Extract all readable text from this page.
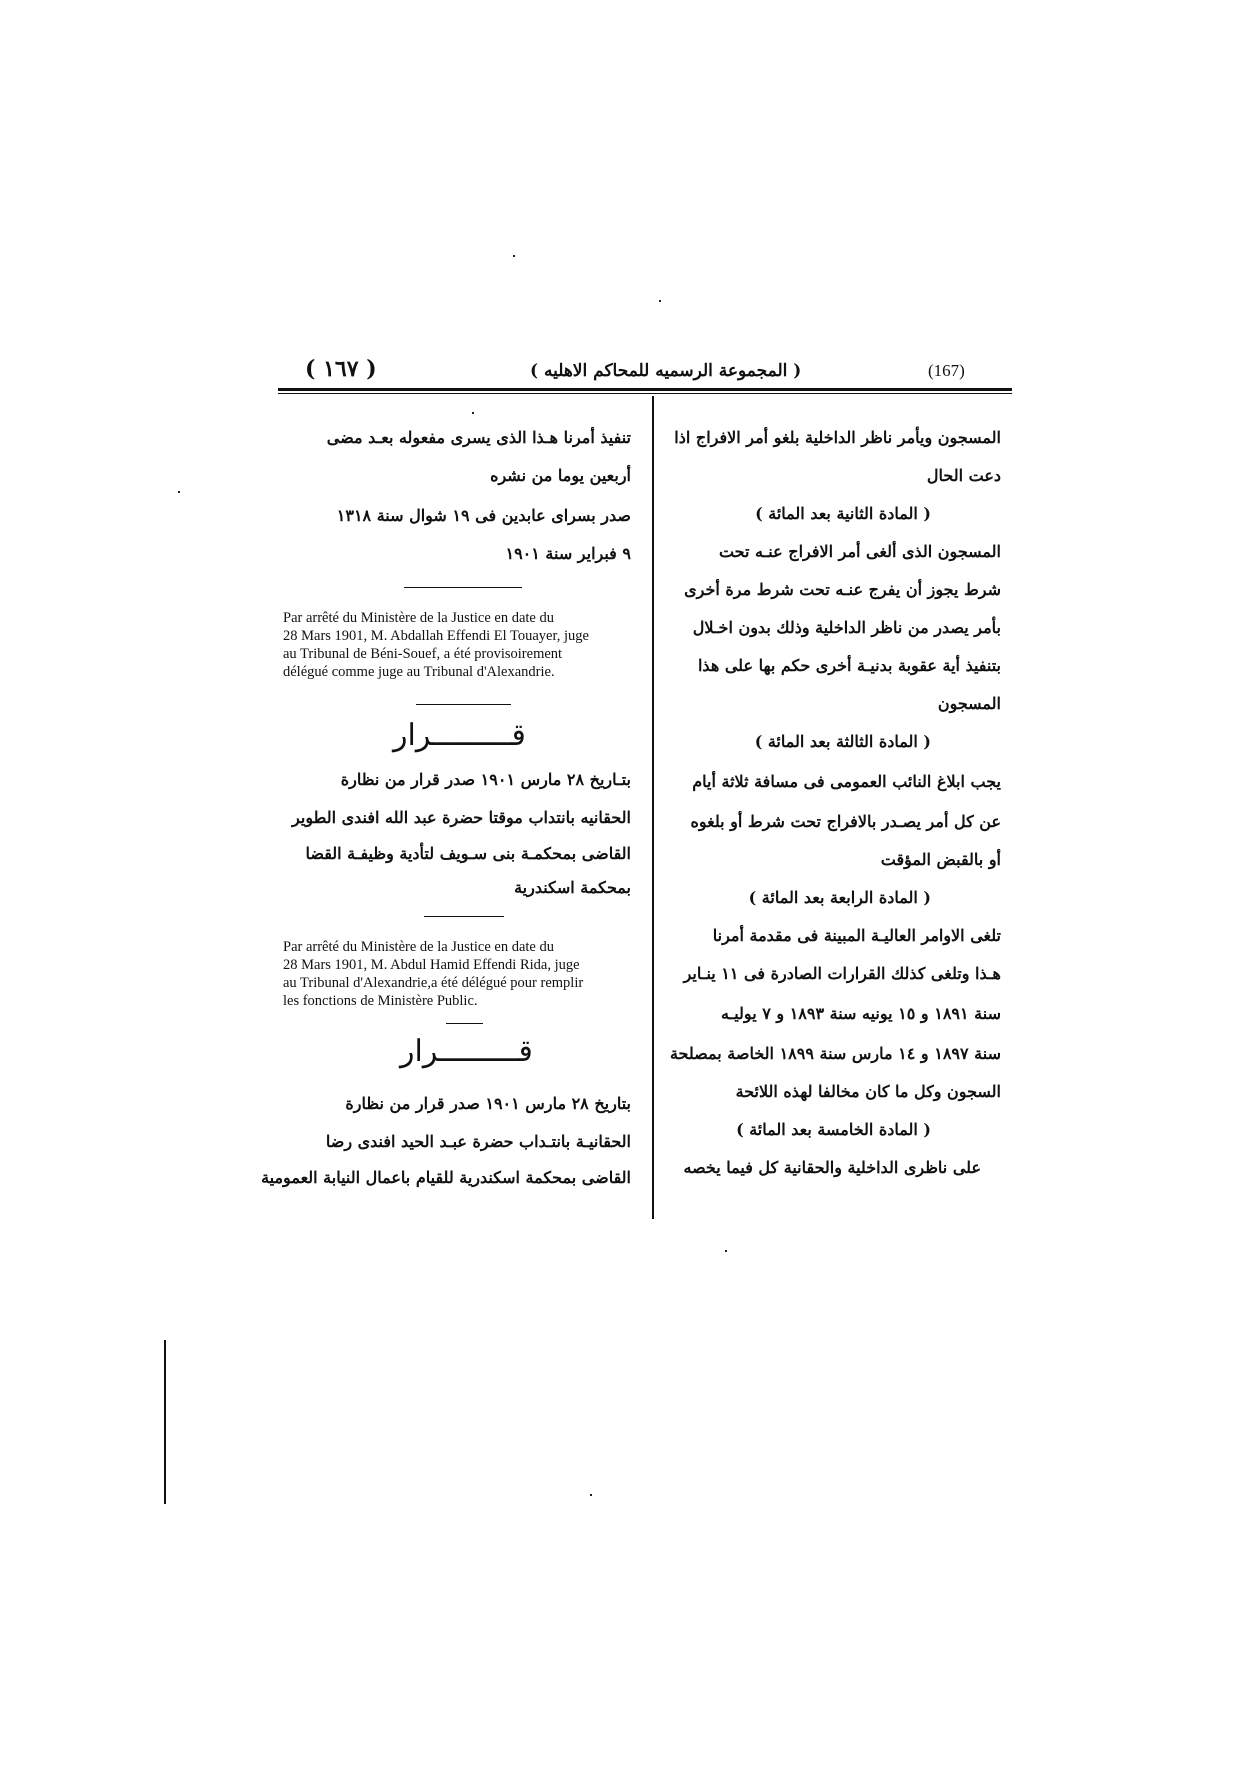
( ١٦٧ )	( المجموعة الرسميه للمحاكم الاهليه )	(167)
المسجون ويأمر ناظر الداخلية بلغو أمر الافراج اذا
دعت الحال
( المادة الثانية بعد المائة )
المسجون الذى ألغى أمر الافراج عنـه تحت
شرط يجوز أن يفرج عنـه تحت شرط مرة أخرى
بأمر يصدر من ناظر الداخلية وذلك بدون اخـلال
بتنفيذ أية عقوبة بدنيـة أخرى حكم بها على هذا
المسجون
( المادة الثالثة بعد المائة )
يجب ابلاغ النائب العمومى فى مسافة ثلاثة أيام
عن كل أمر يصـدر بالافراج تحت شرط أو بلغوه
أو بالقبض المؤقت
( المادة الرابعة بعد المائة )
تلغى الاوامر العاليـة المبينة فى مقدمة أمرنا
هـذا وتلغى كذلك القرارات الصادرة فى ١١ ينـاير
سنة ١٨٩١ و ١٥ يونيه سنة ١٨٩٣ و ٧ يوليـه
سنة ١٨٩٧ و ١٤ مارس سنة ١٨٩٩ الخاصة بمصلحة
السجون وكل ما كان مخالفا لهذه اللائحة
( المادة الخامسة بعد المائة )
على ناظرى الداخلية والحقانية كل فيما يخصه
تنفيذ أمرنا هـذا الذى يسرى مفعوله بعـد مضى
أربعين يوما من نشره
صدر بسراى عابدين فى ١٩ شوال سنة ١٣١٨
٩ فبراير سنة ١٩٠١
Par arrêté du Ministère de la Justice en date du
28 Mars 1901, M. Abdallah Effendi El Touayer, juge
au Tribunal de Béni-Souef, a été provisoirement
délégué comme juge au Tribunal d'Alexandrie.
قـــــــــرار
بتـاريخ ٢٨ مارس ١٩٠١ صدر قرار من نظارة
الحقانيه بانتداب موقتا حضرة عبد الله افندى الطوير
القاضى بمحكمـة بنى سـويف لتأدية وظيفـة القضا
بمحكمة اسكندرية
Par arrêté du Ministère de la Justice en date du
28 Mars 1901, M. Abdul Hamid Effendi Rida, juge
au Tribunal d'Alexandrie,a été délégué pour remplir
les fonctions de Ministère Public.
قـــــــــرار
بتاريخ ٢٨ مارس ١٩٠١ صدر قرار من نظارة
الحقانيـة بانتـداب حضرة عبـد الحيد افندى رضا
القاضى بمحكمة اسكندرية للقيام باعمال النيابة العمومية
